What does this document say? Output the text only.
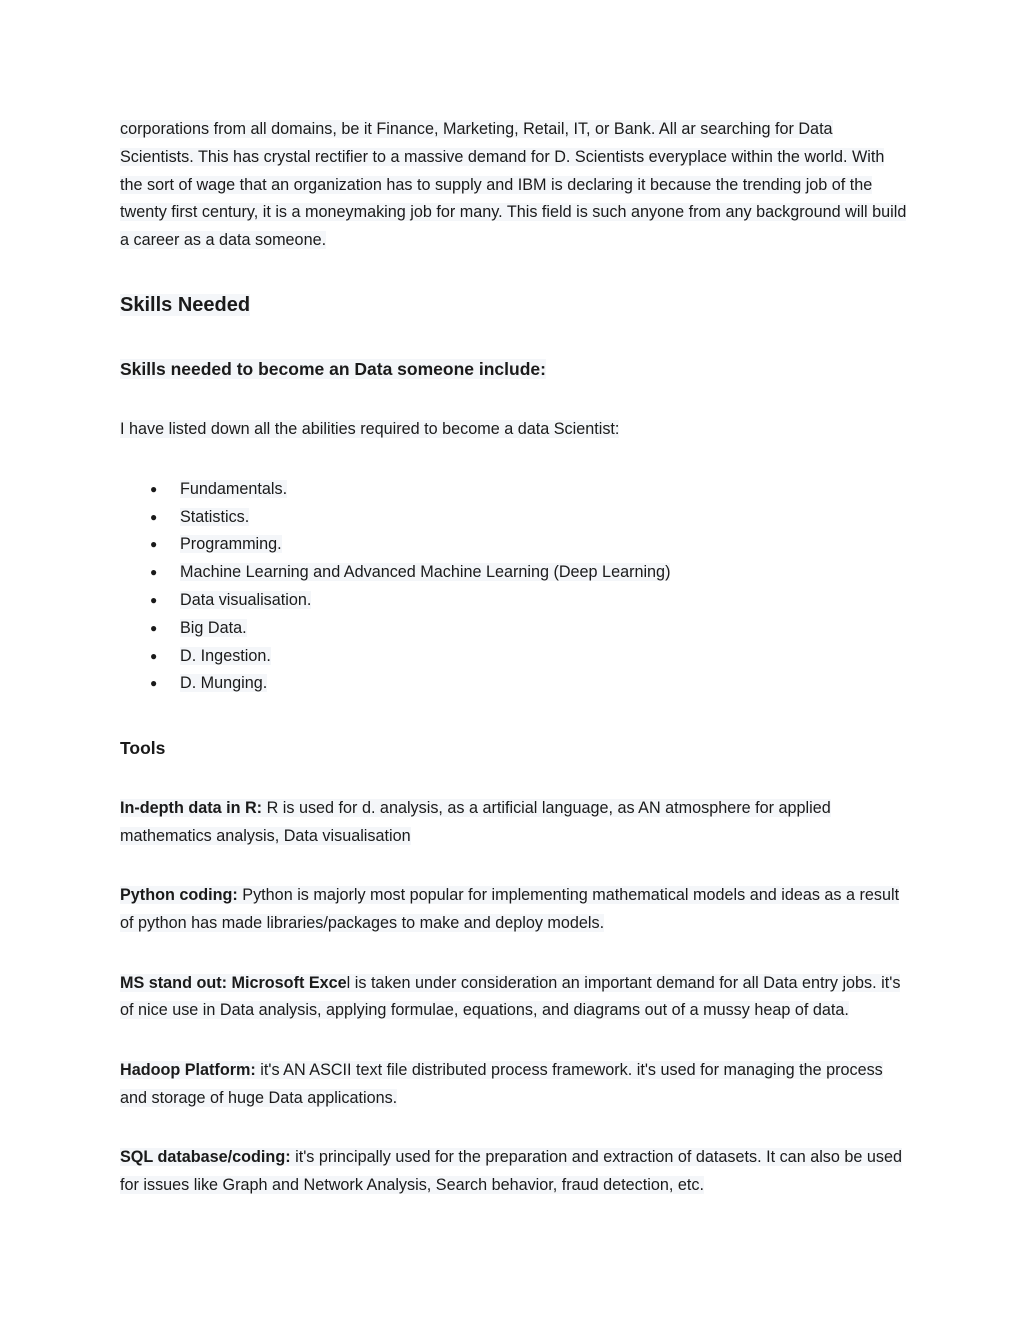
corporations from all domains, be it Finance, Marketing, Retail, IT, or Bank. All ar searching for Data Scientists. This has crystal rectifier to a massive demand for D. Scientists everyplace within the world. With the sort of wage that an organization has to supply and IBM is declaring it because the trending job of the twenty first century, it is a moneymaking job for many. This field is such anyone from any background will build a career as a data someone.

Skills Needed
Skills needed to become an Data someone include:

I have listed down all the abilities required to become a data Scientist:

● Fundamentals.
● Statistics.
● Programming.
● Machine Learning and Advanced Machine Learning (Deep Learning)
● Data visualisation.
● Big Data.
● D. Ingestion.
● D. Munging.
Tools

In-depth data in R: R is used for d. analysis, as a artificial language, as AN atmosphere for applied mathematics analysis, Data visualisation

Python coding: Python is majorly most popular for implementing mathematical models and ideas as a result of python has made libraries/packages to make and deploy models.

MS stand out: Microsoft Excel is taken under consideration an important demand for all Data entry jobs. it's of nice use in Data analysis, applying formulae, equations, and diagrams out of a mussy heap of data.

Hadoop Platform: it's AN ASCII text file distributed process framework. it's used for managing the process and storage of huge Data applications.

SQL database/coding: it's principally used for the preparation and extraction of datasets. It can also be used for issues like Graph and Network Analysis, Search behavior, fraud detection, etc.
